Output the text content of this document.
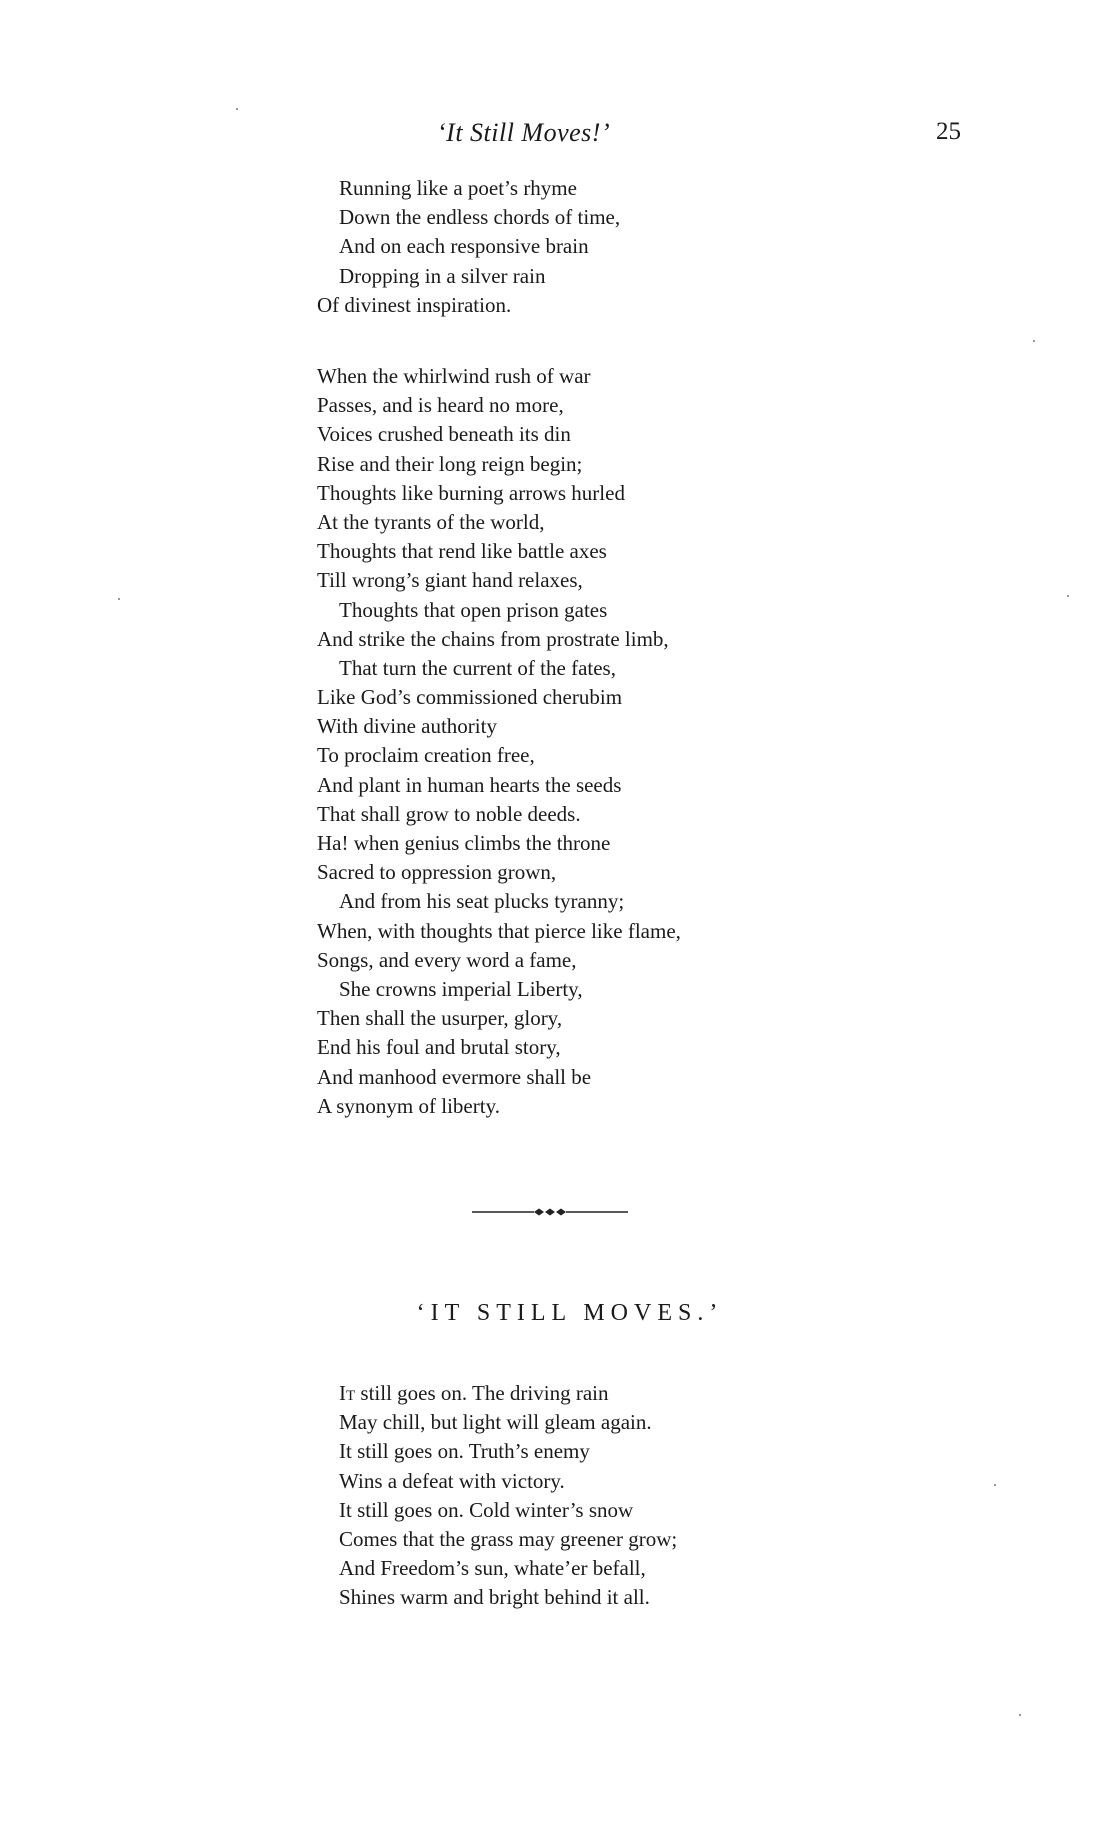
‘It Still Moves!’	25
Running like a poet’s rhyme
Down the endless chords of time,
And on each responsive brain
Dropping in a silver rain
Of divinest inspiration.
When the whirlwind rush of war
Passes, and is heard no more,
Voices crushed beneath its din
Rise and their long reign begin;
Thoughts like burning arrows hurled
At the tyrants of the world,
Thoughts that rend like battle axes
Till wrong’s giant hand relaxes,
Thoughts that open prison gates
And strike the chains from prostrate limb,
That turn the current of the fates,
Like God’s commissioned cherubim
With divine authority
To proclaim creation free,
And plant in human hearts the seeds
That shall grow to noble deeds.
Ha! when genius climbs the throne
Sacred to oppression grown,
And from his seat plucks tyranny;
When, with thoughts that pierce like flame,
Songs, and every word a fame,
She crowns imperial Liberty,
Then shall the usurper, glory,
End his foul and brutal story,
And manhood evermore shall be
A synonym of liberty.
‘IT STILL MOVES.’
It still goes on. The driving rain
May chill, but light will gleam again.
It still goes on. Truth’s enemy
Wins a defeat with victory.
It still goes on. Cold winter’s snow
Comes that the grass may greener grow;
And Freedom’s sun, whate’er befall,
Shines warm and bright behind it all.
